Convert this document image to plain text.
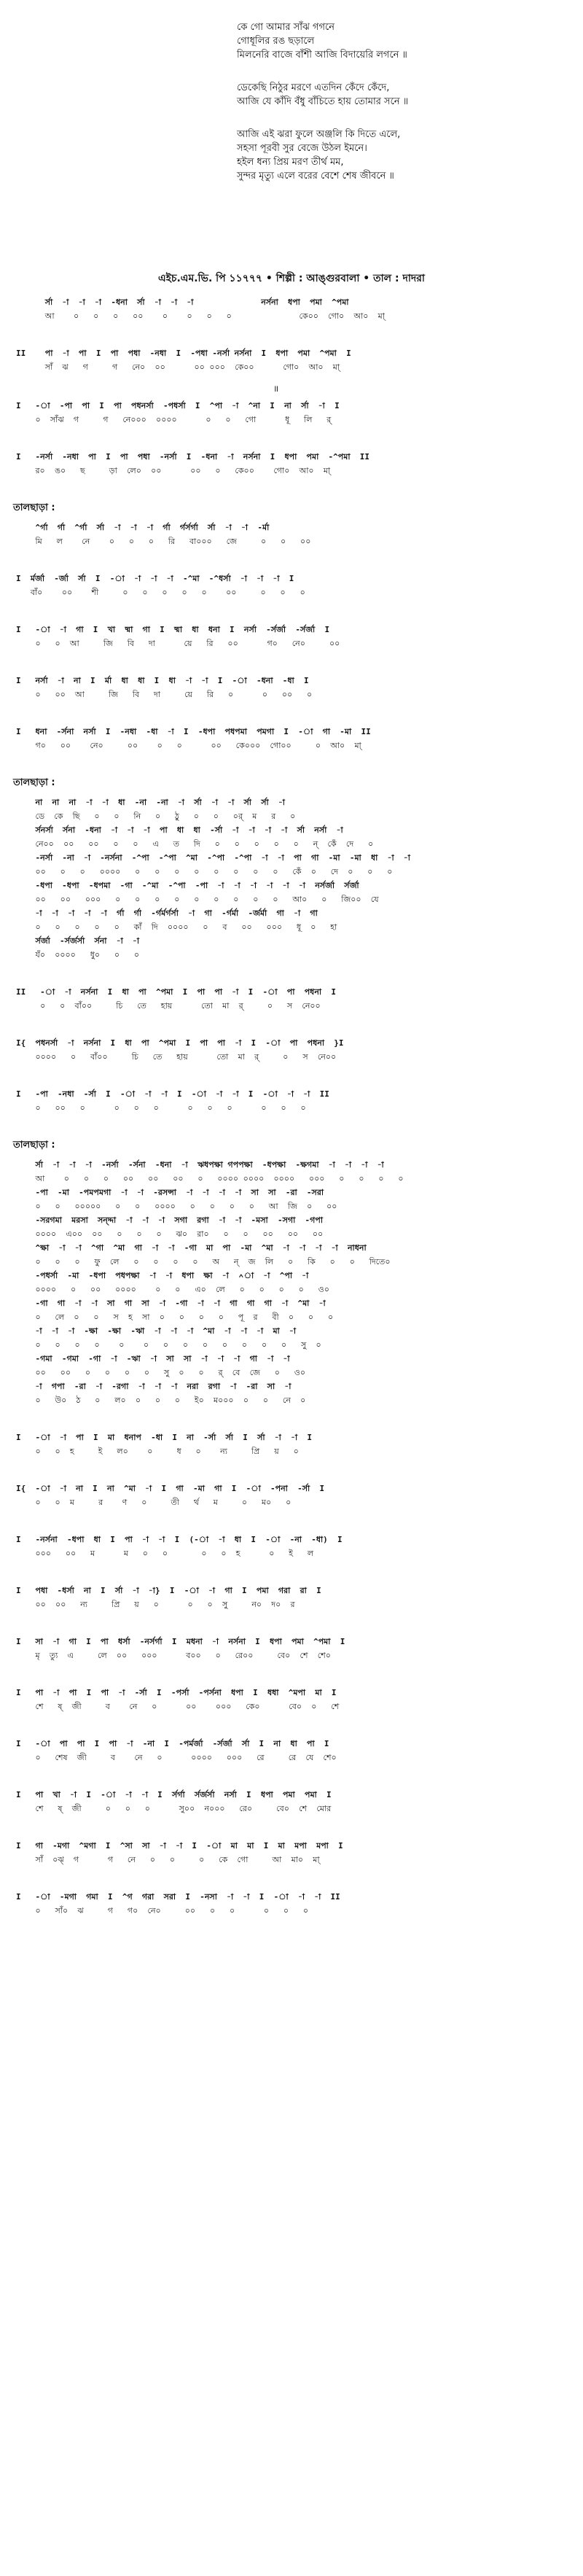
কে গো আমার সাঁঝ গগনে
গোধূলির রঙ ছড়ালে
মিলনেরি বাজে বাঁশী আজি বিদায়েরি লগনে ॥
ডেকেছি নিঠুর মরণে এতদিন কেঁদে কেঁদে,
আজি যে কাঁদি বঁধু বাঁচিতে হায় তোমার সনে ॥
আজি এই ঝরা ফুলে অঞ্জলি কি দিতে এলে,
সহসা পূরবী সুর বেজে উঠল ইমনে।
হইল ধন্য প্রিয় মরণ তীর্থ মম,
সুন্দর মৃত্যু এলে বরের বেশে শেষ জীবনে ॥
এইচ.এম.ভি. পি ১১৭৭৭ • শিল্পী : আঙ্গুরবালা • তাল : দাদরা
র্সা  -া  -া  -া  -ধনা  র্সা  -া  -া  -া              নর্সনা  ধপা  পমা  ^পমা
আ    ০   ০   ০   ০০    ০    ০   ০   ০              কে০০  গো০  আ০  মা্
II    পা  -া  পা  I  পা  পধা  -নধা  I  -পধা -নর্সা নর্সনা  I  ধপা  পমা  ^পমা  I
সাঁ  ঝ   গ     গ   নে০  ০০      ০০ ০০০  কে০০      গো০  আ০  মা্
॥
I   -া  -পা  পা  I  পা  পধনর্সা  -পধর্সা  I  ^পা  -া  ^না  I  না  র্সা  -া  I
০  সাঁঝ  গ     গ   নে০০০  ০০০০      ০   ০   গো      ধূ   লি   র্
I   -নর্সা  -নধা  পা  I  পা  পধা  -নর্সা  I  -ধনা  -া  নর্সনা  I  ধপা  পমা  -^পমা  II
র০  ঙ০   ছ     ড়া  লে০  ০০      ০০   ০   কে০০    গো০  আ০  মা্
তালছাড়া :
^র্গা  র্গা  ^র্গা  র্সা  -া  -া  -া  র্গা  র্গর্সর্গা  র্সা  -া  -া  -র্মা
মি   ল    নে    ০   ০   ০   রি   বা০০০   জে     ০   ০   ০০
I  র্মর্জা  -র্জা  র্সা  I  -া  -া  -া  -া  -^মা  -^ধর্সা  -া  -া  -া  I
বাঁ০    ০০    শী     ০   ০   ০   ০   ০    ০০     ০   ০   ০
I   -া  -া  গা  I  খা  ষ্মা  গা  I  ষ্মা  ধা  ধনা  I  নর্সা  -র্সর্জা  -র্সর্জা  I
০   ০  আ     জি   বি   দা      য়ে   রি   ০০      গ০   নে০     ০০
I   নর্সা  -া  না  I  র্মা  ধা  ধা  I  ধা  -া  -া  I  -া  -ধনা  -ধা  I
০   ০০  আ     জি   বি   দা     য়ে   রি   ০      ০   ০০   ০
I   ধনা  -র্সনা  নর্সা  I  -নধা  -ধা  -া  I  -ধপা  পধপমা  পমগা  I  -া  গা  -মা  II
গ০   ০০    নে০     ০০    ০   ০      ০০   কে০০০  গো০০     ০  আ০  মা্
তালছাড়া :
না  না  না  -া  -া  ধা  -না  -না  -া  র্সা  -া  -া  র্সা  র্সা  -া
ডে  কে  ছি   ০   ০   নি   ০   ঠু   ০   ০   ০র্  ম   র   ০
র্সনর্সা  র্সনা  -ধনা  -া  -া  -া  পা  ধা  ধা  -র্সা  -া  -া  -া  -া  র্সা  নর্সা  -া
নে০০  ০০   ০০   ০   ০   এ   ত   দি   ০   ০   ০   ০   ০   ন্  কেঁ  দে   ০
-নর্সা  -না  -া  -নর্সনা  -^পা  -^পা  ^মা  -^পা  -^পা  -া  -া  পা  গা  -মা  -মা  ধা  -া  -া
০০   ০   ০   ০০০০   ০   ০   ০   ০   ০   ০   ০   ০   কেঁ  ০   দে  ০   ০   ০
-ধপা  -ধপা  -ধপমা  -গা  -^মা  -^পা  -পা  -া  -া  -া  -া  -া  -া  নর্সর্জা  র্সর্জা
০০   ০০   ০০০   ০   ০   ০   ০   ০   ০   ০   ০   ০   আ০   ০   জি০০  যে
-া  -া  -া  -া  -া  র্গা  র্গা  -র্গর্মর্গর্সা  -া  গা  -র্গর্মা  -র্জর্মা  গা  -া  গা
০   ০   ০   ০   ০   কাঁ  দি  ০০০০   ০   ব   ০০   ০০০   ধূ  ০   হা
র্সর্জা  -র্সর্জর্সা  র্সনা  -া  -া
যঁ০  ০০০০   ধু০   ০   ০
II   -া  -া  নর্সনা  I  ধা  পা  ^পমা  I  পা  পা  -া  I  -া  পা  পধনা  I
০   ০  বাঁ০০     চি   তে   হায়      তো  মা  র্     ০   স  নে০০
I{  পধনর্সা  -া  নর্সনা  I  ধা  পা  ^পমা  I  পা  পা  -া  I  -া  পা  পধনা  }I
০০০০   ০   বাঁ০০     চি   তে   হায়      তো  মা  র্     ০   স  নে০০
I   -পা  -নধা  -র্সা  I  -া  -া  -া  I  -া  -া  -া  I  -া  -া  -া  II
০   ০০   ০      ০   ০   ০      ০   ০   ০      ০   ০   ০
তালছাড়া :
র্সা  -া  -া  -া  -নর্সা  -র্সনা  -ধনা  -া  ঋধপক্ষা গপপক্ষা  -ধপক্ষা  -ক্ষগমা  -া  -া  -া  -া
আ    ০   ০   ০   ০০   ০০   ০০   ০   ০০০০ ০০০০  ০০০০   ০০০   ০   ০   ০   ০
-পা  -মা  -পমপমগা  -া  -া  -রসন্সা  -া  -া  -া  -া  সা  সা  -রা  -সরা
০   ০   ০০০০০   ০   ০   ০০০০   ০   ০   ০   ০   আ  জি  ০   ০০
-সরগমা  মরসা  সন্দ্দা  -া  -া  -া  সগা  রগা  -া  -া  -মসা  -সগা  -গপা
০০০০  এ০০  ০০   ০   ০   ০   ঝ০  রা০   ০   ০   ০০   ০০   ০০
^ক্ষা  -া  -া  ^গা  ^মা  গা  -া  -া  -গা  মা  পা  -মা  ^মা  -া  -া  -া  -া  নাধনা
০   ০   ০   ফু  লে   ০   ০   ০   ০   অ   ন্  জ  লি   ০   কি   ০   ০   দিতে০
-পধর্সা  -মা  -ধপা  পধপক্ষা  -া  -া  ধপা  ক্ষা  -া  ^া  -া  ^পা  -া
০০০০   ০   ০০   ০০০০    ০   ০   এ০  লে   ০   ০   ০   ০   ও০
-গা  গা  -া  -া  সা  গা  সা  -া  -গা  -া  -া  গা  গা  গা  -া  ^মা  -া
০   লে  ০   ০   স  হ  সা  ০   ০   ০   ০   পূ  র   বী  ০   ০   ০
-া  -া  -া  -ক্ষা  -ক্ষা  -ঋা  -া  -া  -া  ^মা  -া  -া  -া  মা  -া
০   ০   ০   ০    ০    ০   ০   ০   ০   ০   ০   ০   ০   সু  ০
-গমা  -গমা  -গা  -া  -ঋা  -া  সা  সা  -া  -া  -া  গা  -া  -া
০০   ০০   ০   ০   ০   ০   সু  ০   ০   র্  বে  জে   ০   ও০
-া  গপা  -রা  -া  -রগা  -া  -া  -া  নরা  রগা  -া  -রা  সা  -া
০   উ০  ঠ   ০   ল০  ০   ০   ০   ই০  ম০০০  ০   ০   নে  ০
I   -া  -া  পা  I  মা  ধনাপ  -ধা  I  না  -র্সা  র্সা  I  র্সা  -া  -া  I
০   ০  হ     ই   ল০    ০     ধ   ০    ন্য     প্রি   য়   ০
I{  -া  -া  না  I  না  ^মা  -া  I  গা  -মা  গা  I  -া  -পনা  -র্সা  I
০   ০  ম     র    ণ   ০     তী   র্থ   ম     ০   ম০   ০
I   -নর্সনা  -ধপা  ধা  I  পা  -া  -া  I  (-া  -া  ধা  I  -া  -না  -ধা)  I
০০০   ০০   ম      ম   ০   ০       ০   ০  হ      ০   ই   ল
I   পধা  -ধর্সা  না  I  র্সা  -া  -া}  I  -া  -া  গা  I  পমা  গরা  রা  I
০০  ০০   ন্য     প্রি   য়   ০      ০   ০  সু     ন০  দ০  র
I   সা  -া  গা  I  পা  ধর্সা  -নর্সর্গা  I  মধনা  -া  নর্সনা  I  ধপা  পমা  ^পমা  I
মৃ  ত্যু  এ     লে  ০০   ০০০      ব০০   ০   রে০০     বে০  শে  শে০
I   পা  -া  পা  I  পা  -া  -র্সা  I  -পর্সা  -পর্সনা  ধপা  I  ধধা  ^মপা  মা  I
শে   ষ্  জী     ব    নে   ০      ০০    ০০০   কে০      বে০  ০   শে
I   -া  পা  পা  I  পা  -া  -না  I  -পর্মর্জা  -র্সর্জা  র্সা  I  না  ধা  পা  I
০   শেষ  জী     ব    নে   ০      ০০০০   ০০০   রে     রে  যে  শে০
I   পা  খা  -া  I  -া  -া  -া  I  র্সর্গা  র্সর্জর্সা  নর্সা  I  ধপা  পমা  পমা  I
শে   ষ্  জী     ০   ০   ০      সু০০  ন০০০   রে০     বে০  শে  মোর
I   গা  -মগা  ^মগা  I  ^সা  সা  -া  -া  I  -া  মা  মা  I  মা  মপা  মপা  I
সাঁ  ০ঝ্  গ      গ   নে   ০   ০     ০   কে  গো     আ  মা০  মা্
I   -া  -মগা  গমা  I  ^গ  গরা  সরা  I  -নসা  -া  -া  I  -া  -া  -া  II
০   সাঁ০  ঝ     গ   গ০  নে০     ০০   ০   ০      ০   ০   ০
